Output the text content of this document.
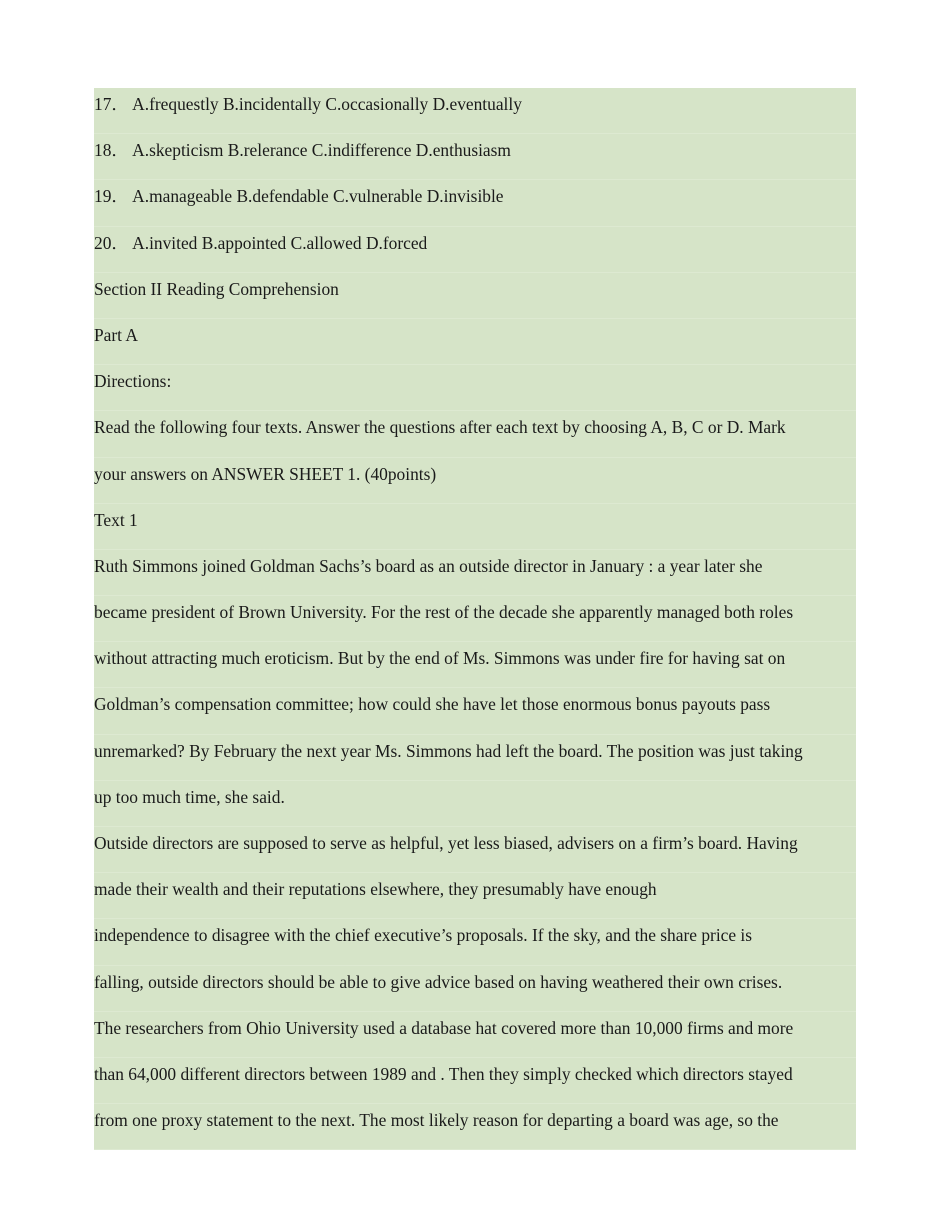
17． A.frequestly B.incidentally C.occasionally D.eventually
18． A.skepticism B.relerance C.indifference D.enthusiasm
19． A.manageable B.defendable C.vulnerable D.invisible
20． A.invited B.appointed C.allowed D.forced
Section II Reading Comprehension
Part A
Directions:
Read the following four texts. Answer the questions after each text by choosing A, B, C or D. Mark
your answers on ANSWER SHEET 1. (40points)
Text 1
Ruth Simmons joined Goldman Sachs’s board as an outside director in January : a year later she
became president of Brown University. For the rest of the decade she apparently managed both roles
without attracting much eroticism. But by the end of Ms. Simmons was under fire for having sat on
Goldman’s compensation committee; how could she have let those enormous bonus payouts pass
unremarked? By February the next year Ms. Simmons had left the board. The position was just taking
up too much time, she said.
Outside directors are supposed to serve as helpful, yet less biased, advisers on a firm’s board. Having
made their wealth and their reputations elsewhere, they presumably have enough
independence to disagree with the chief executive’s proposals. If the sky, and the share price is
falling, outside directors should be able to give advice based on having weathered their own crises.
The researchers from Ohio University used a database hat covered more than 10,000 firms and more
than 64,000 different directors between 1989 and . Then they simply checked which directors stayed
from one proxy statement to the next. The most likely reason for departing a board was age, so the
